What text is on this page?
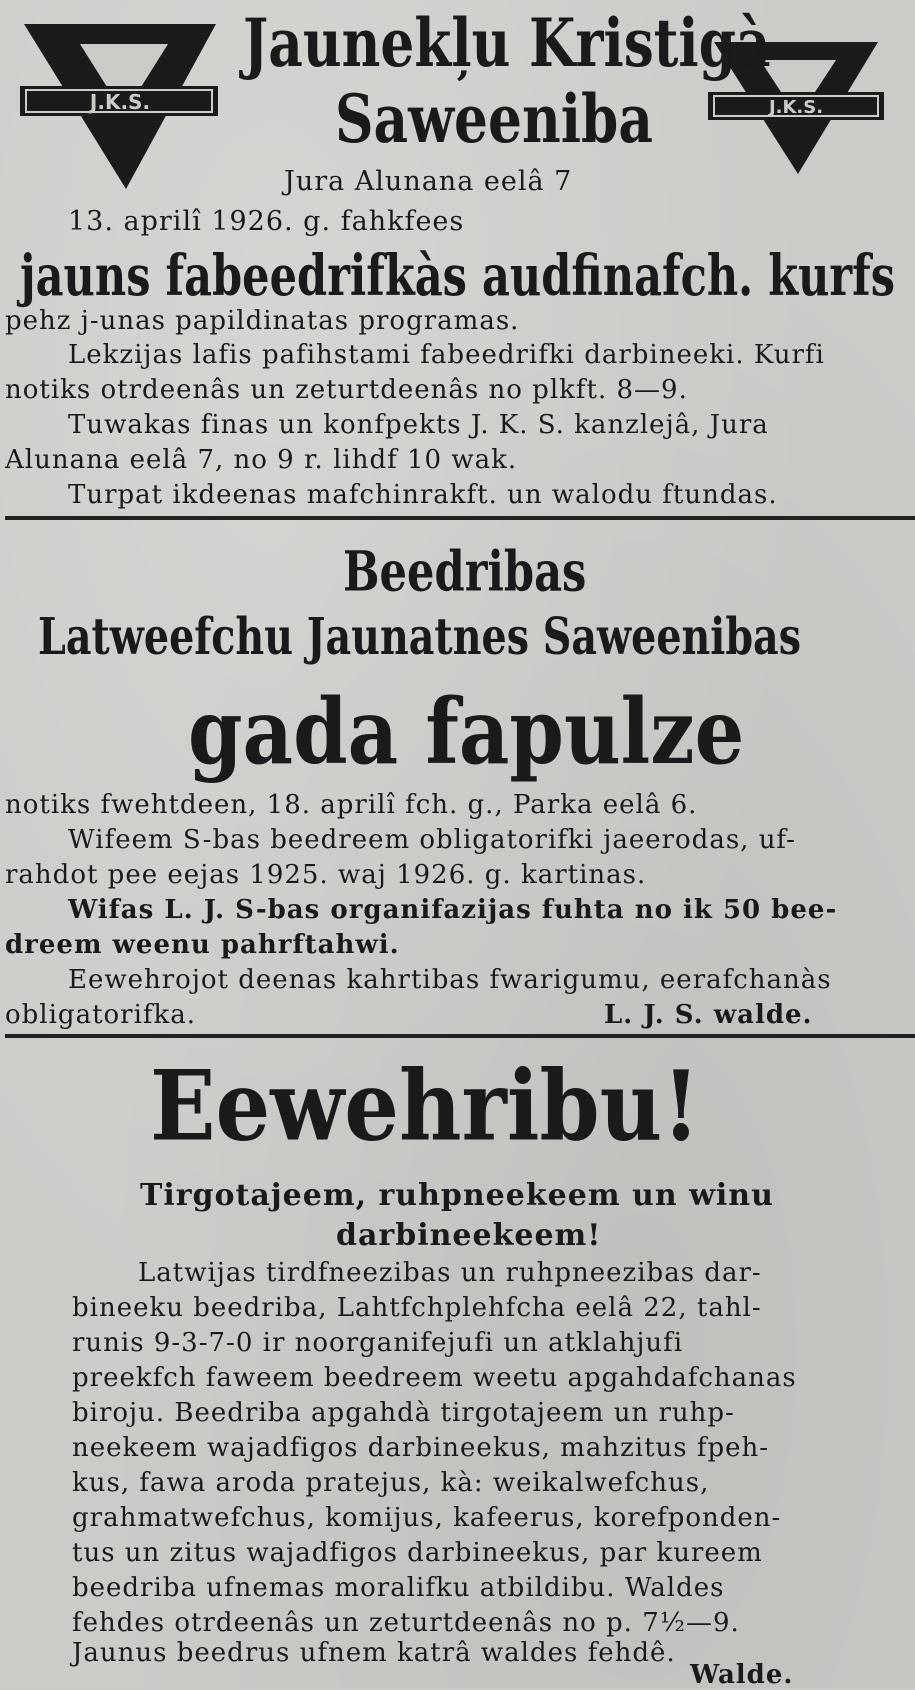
J.K.S.	J.K.S.
Jaunekļu Kristigà
Saweeniba
Jura Alunana eelâ 7
13. aprilî 1926. g. fahkfees
jauns fabeedrifkàs audfinafch. kurfs
pehz j-unas papildinatas programas.
Lekzijas lafis pafihstami fabeedrifki darbineeki. Kurfi
notiks otrdeenâs un zeturtdeenâs no plkft. 8—9.
Tuwakas finas un konfpekts J. K. S. kanzlejâ, Jura
Alunana eelâ 7, no 9 r. lihdf 10 wak.
Turpat ikdeenas mafchinrakft. un walodu ftundas.
Beedribas
Latweefchu Jaunatnes Saweenibas
gada fapulze
notiks fwehtdeen, 18. aprilî fch. g., Parka eelâ 6.
Wifeem S-bas beedreem obligatorifki jaeerodas, uf-
rahdot pee eejas 1925. waj 1926. g. kartinas.
Wifas L. J. S-bas organifazijas fuhta no ik 50 bee-
dreem weenu pahrftahwi.
Eewehrojot deenas kahrtibas fwarigumu, eerafchanàs
obligatorifka.	L. J. S. walde.
Eewehribu!
Tirgotajeem, ruhpneekeem un winu
darbineekeem!
Latwijas tirdfneezibas un ruhpneezibas dar-
bineeku beedriba, Lahtfchplehfcha eelâ 22, tahl-
runis 9-3-7-0 ir noorganifejufi un atklahjufi
preekfch faweem beedreem weetu apgahdafchanas
biroju. Beedriba apgahdà tirgotajeem un ruhp-
neekeem wajadfigos darbineekus, mahzitus fpeh-
kus, fawa aroda pratejus, kà: weikalwefchus,
grahmatwefchus, komijus, kafeerus, korefponden-
tus un zitus wajadfigos darbineekus, par kureem
beedriba ufnemas moralifku atbildibu. Waldes
fehdes otrdeenâs un zeturtdeenâs no p. 7½—9.
Jaunus beedrus ufnem katrâ waldes fehdê.
Walde.
